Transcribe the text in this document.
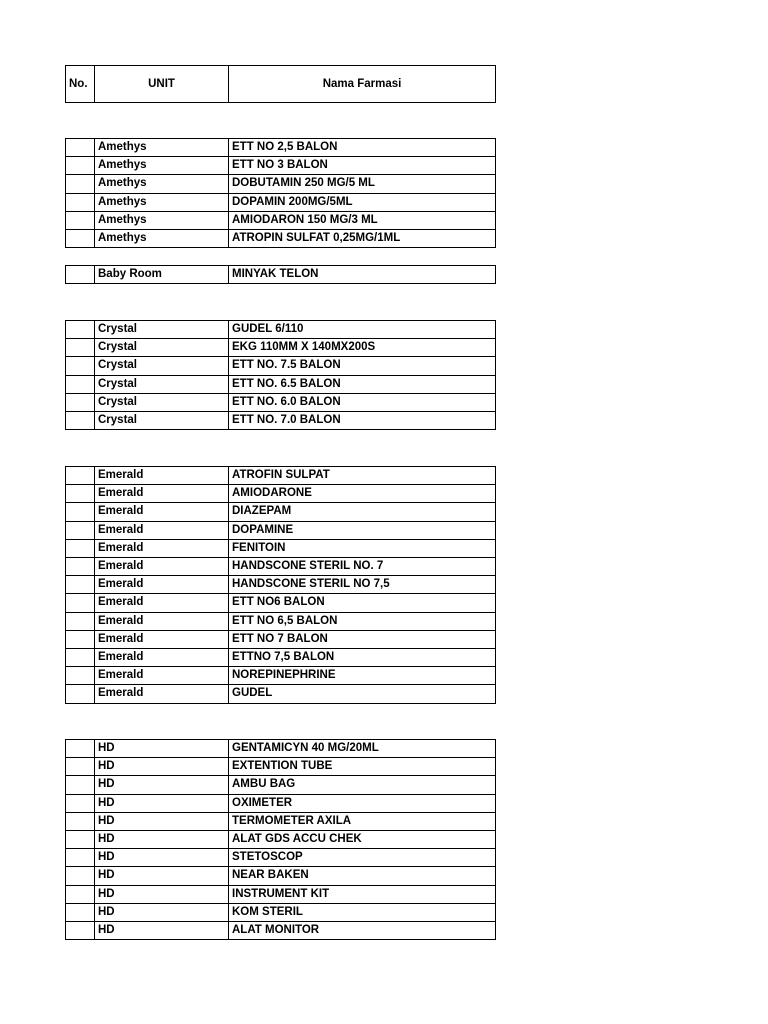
No.	UNIT	Nama Farmasi
	Amethys	ETT NO 2,5 BALON
	Amethys	ETT NO 3 BALON
	Amethys	DOBUTAMIN 250 MG/5 ML
	Amethys	DOPAMIN 200MG/5ML
	Amethys	AMIODARON 150 MG/3 ML
	Amethys	ATROPIN SULFAT 0,25MG/1ML
	Baby Room	MINYAK TELON
	Crystal	GUDEL 6/110
	Crystal	EKG 110MM X 140MX200S
	Crystal	ETT NO. 7.5 BALON
	Crystal	ETT NO. 6.5 BALON
	Crystal	ETT NO. 6.0 BALON
	Crystal	ETT NO. 7.0 BALON
	Emerald	ATROFIN SULPAT
	Emerald	AMIODARONE
	Emerald	DIAZEPAM
	Emerald	DOPAMINE
	Emerald	FENITOIN
	Emerald	HANDSCONE STERIL NO. 7
	Emerald	HANDSCONE STERIL NO 7,5
	Emerald	ETT NO6 BALON
	Emerald	ETT NO 6,5 BALON
	Emerald	ETT NO 7 BALON
	Emerald	ETTNO 7,5 BALON
	Emerald	NOREPINEPHRINE
	Emerald	GUDEL
	HD	GENTAMICYN 40 MG/20ML
	HD	EXTENTION TUBE
	HD	AMBU BAG
	HD	OXIMETER
	HD	TERMOMETER AXILA
	HD	ALAT GDS ACCU CHEK
	HD	STETOSCOP
	HD	NEAR BAKEN
	HD	INSTRUMENT KIT
	HD	KOM STERIL
	HD	ALAT MONITOR
